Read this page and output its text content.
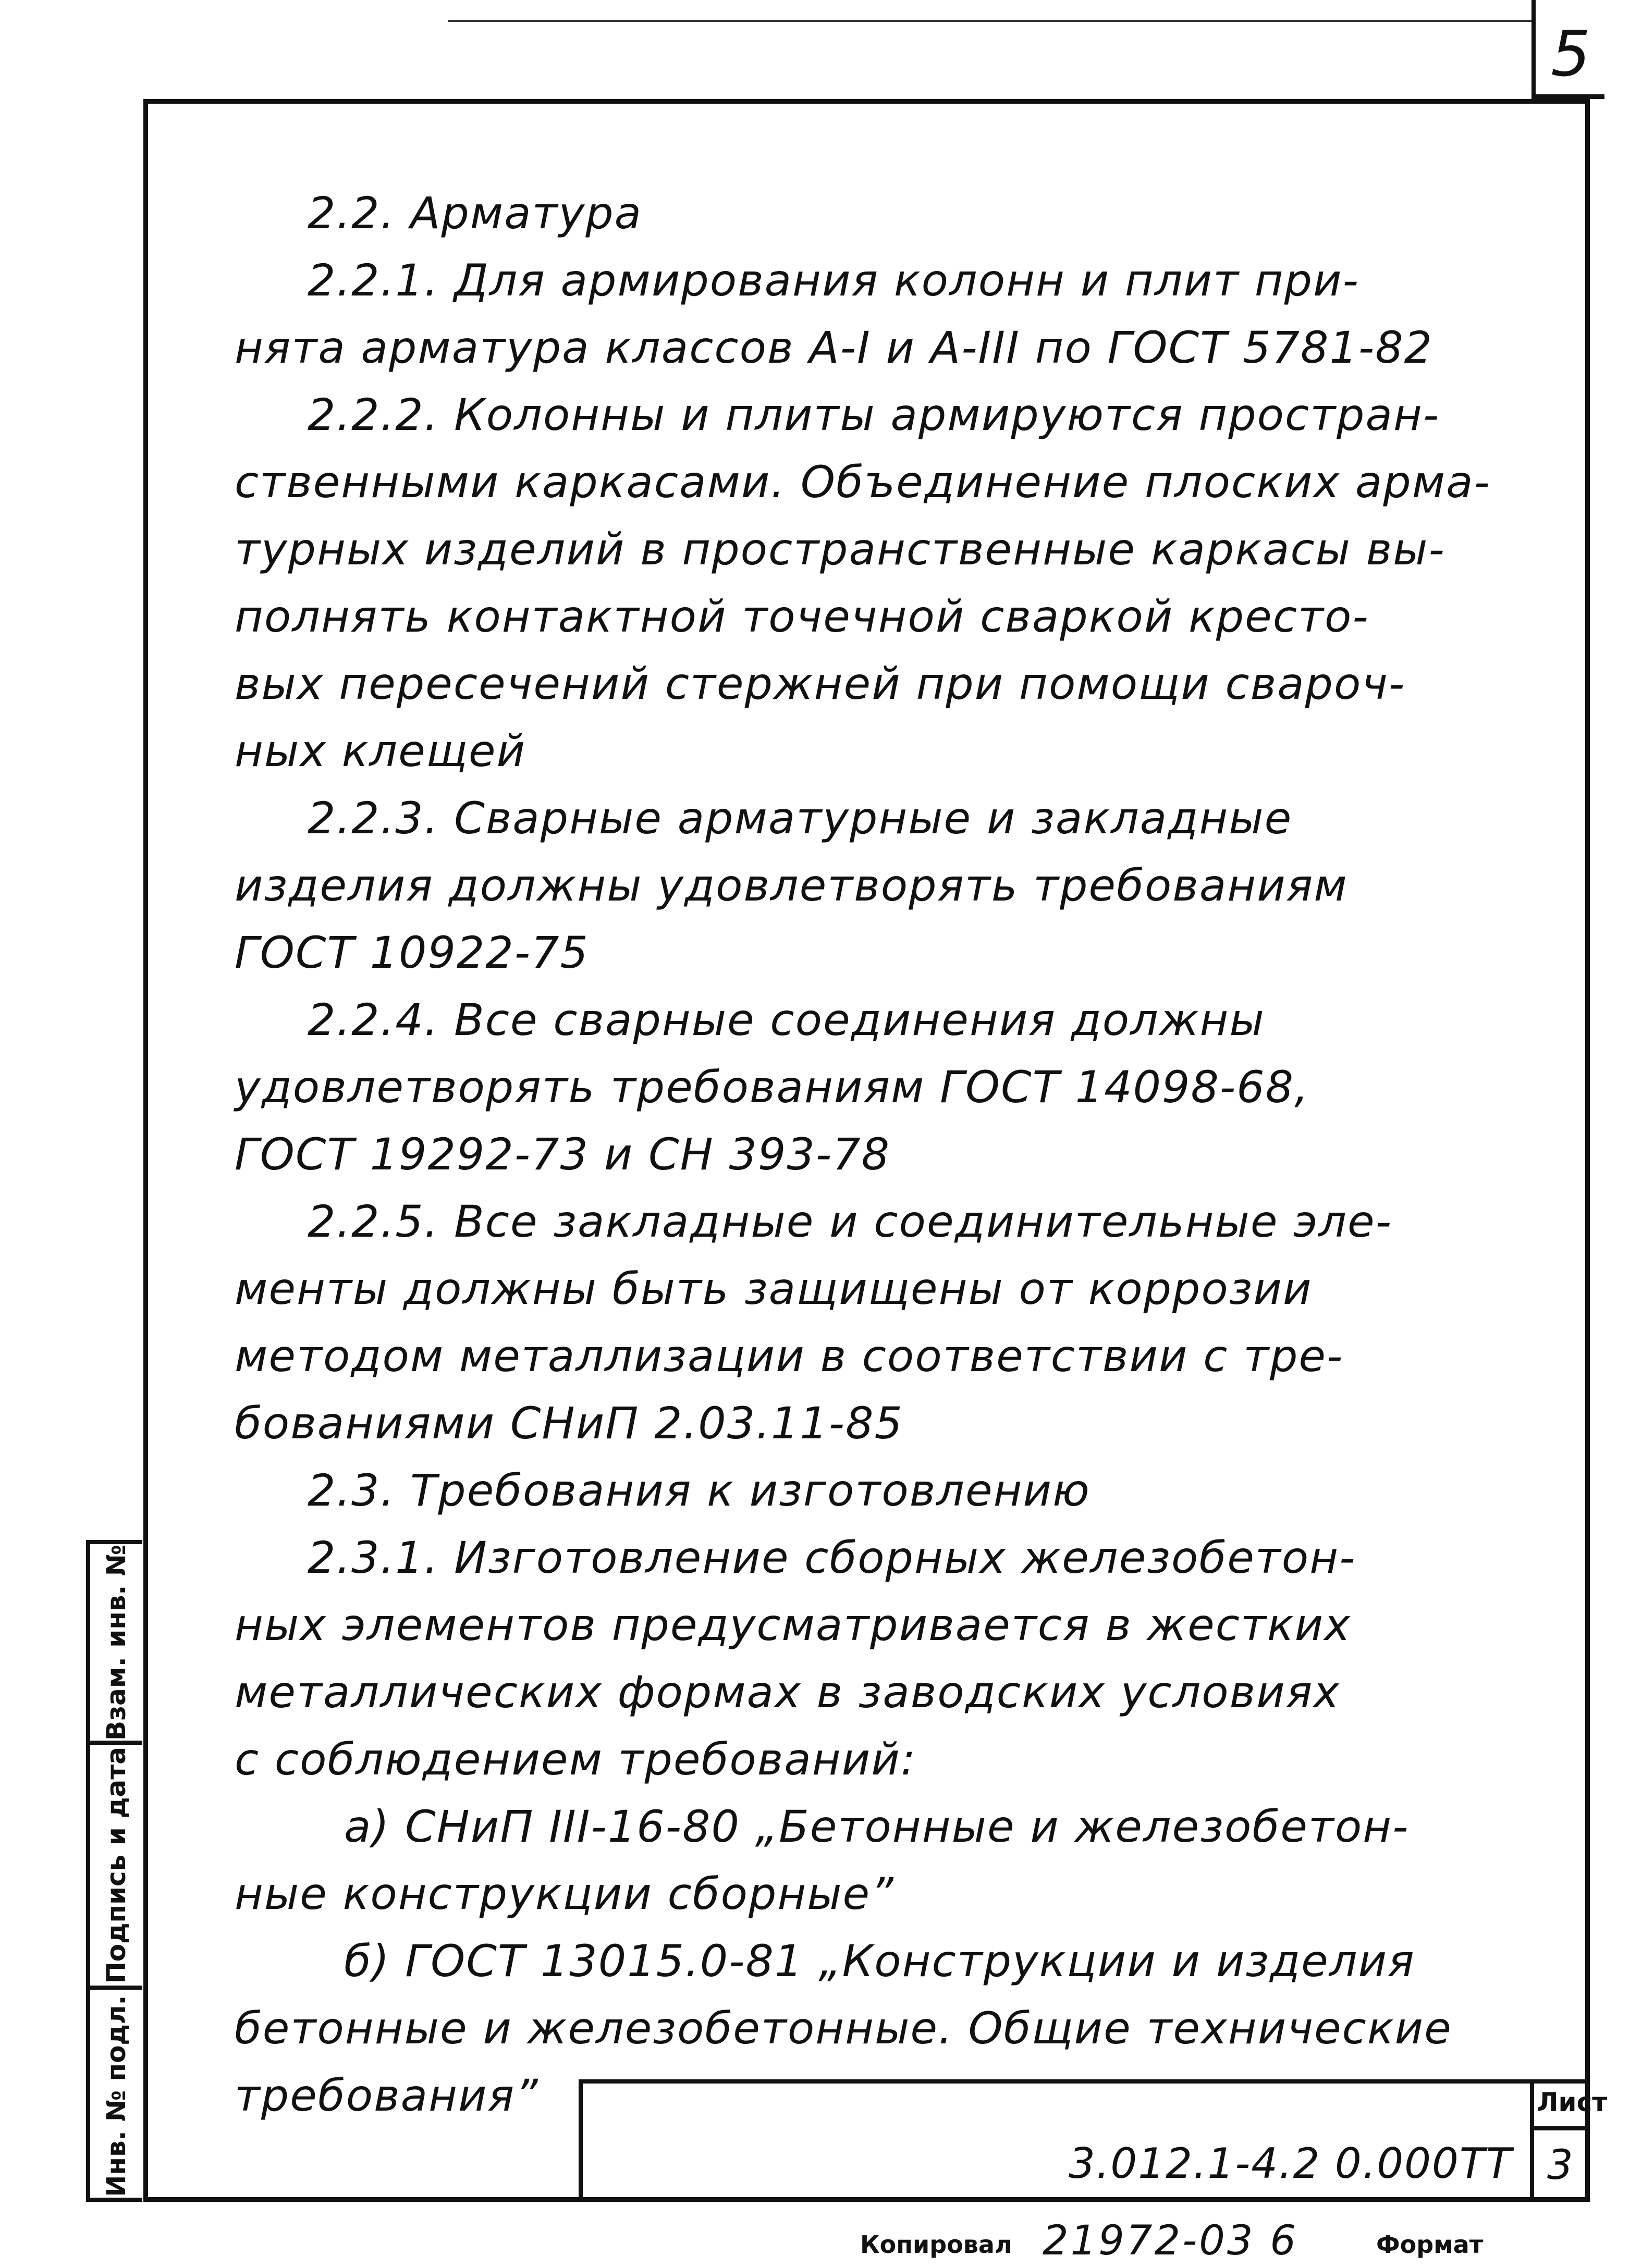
5
2.2. Арматура
2.2.1. Для армирования колонн и плит при-
нята арматура классов А-I и А-III по ГОСТ 5781-82
2.2.2. Колонны и плиты армируются простран-
ственными каркасами. Объединение плоских арма-
турных изделий в пространственные каркасы вы-
полнять контактной точечной сваркой кресто-
вых пересечений стержней при помощи сварoч-
ных клещей
2.2.3. Сварные арматурные и закладные
изделия должны удовлетворять требованиям
ГОСТ 10922-75
2.2.4. Все сварные соединения должны
удовлетворять требованиям ГОСТ 14098-68,
ГОСТ 19292-73 и СН 393-78
2.2.5. Все закладные и соединительные эле-
менты должны быть защищены от коррозии
методом металлизации в соответствии с тре-
бованиями СНиП 2.03.11-85
2.3. Требования к изготовлению
2.3.1. Изготовление сборных железобетон-
ных элементов предусматривается в жестких
металлических формах в заводских условиях
с соблюдением требований:
а) СНиП III-16-80 „Бетонные и железобетон-
ные конструкции сборные”
б) ГОСТ 13015.0-81 „Конструкции и изделия
бетонные и железобетонные. Общие технические
требования”
Взам. инв. №
Подпись и дата
Инв. № подл.	Лист
3
3.012.1-4.2 0.000ТТ
Копировал 21972-03 6	Формат
